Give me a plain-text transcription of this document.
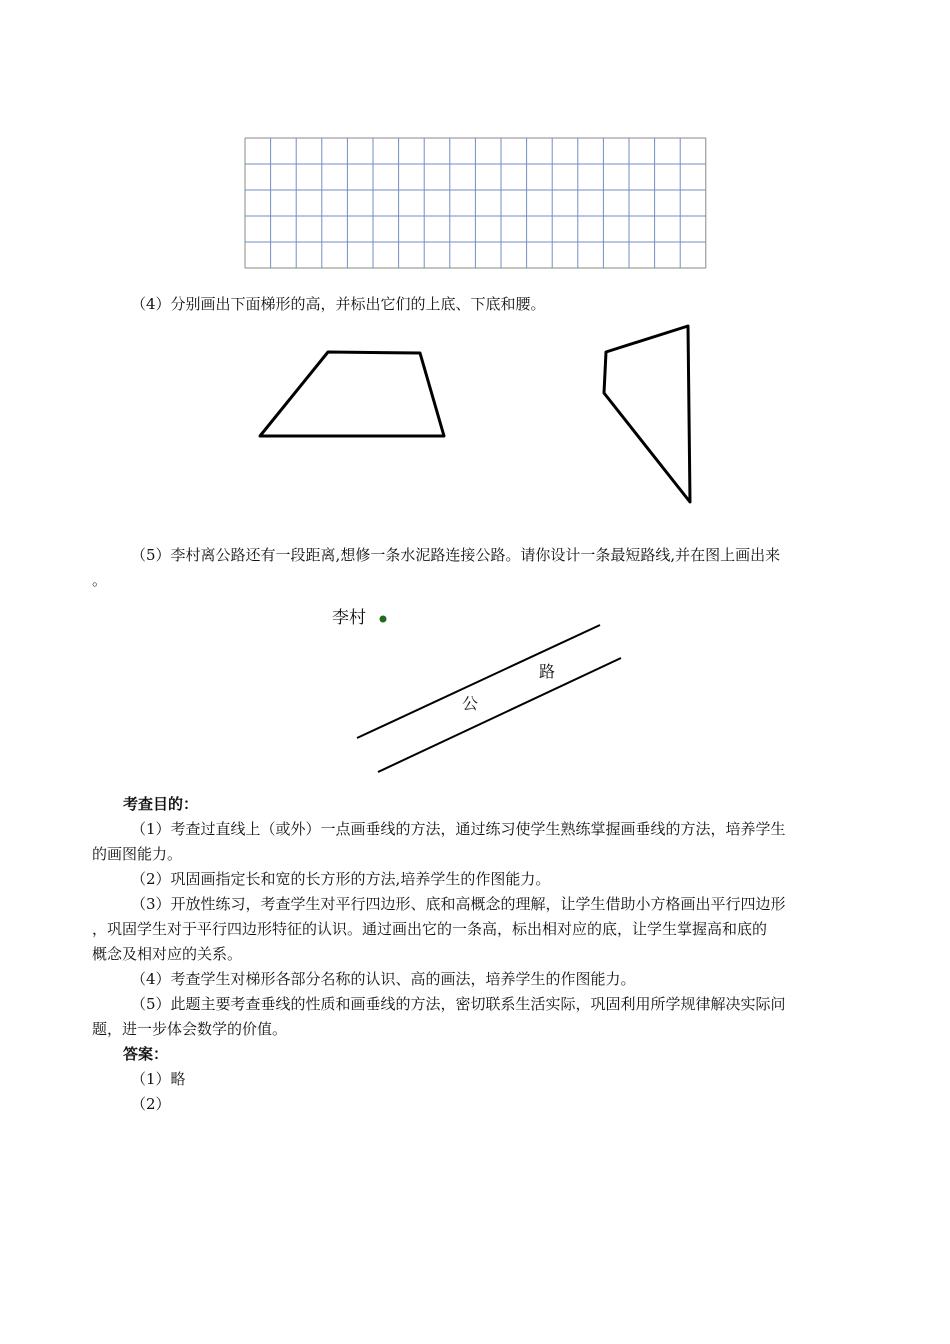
（4）分别画出下面梯形的高，并标出它们的上底、下底和腰。
（5）李村离公路还有一段距离,想修一条水泥路连接公路。请你设计一条最短路线,并在图上画出来
。
李村
公
路
考查目的：
（1）考查过直线上（或外）一点画垂线的方法，通过练习使学生熟练掌握画垂线的方法，培养学生
的画图能力。
（2）巩固画指定长和宽的长方形的方法,培养学生的作图能力。
（3）开放性练习，考查学生对平行四边形、底和高概念的理解，让学生借助小方格画出平行四边形
，巩固学生对于平行四边形特征的认识。通过画出它的一条高，标出相对应的底，让学生掌握高和底的
概念及相对应的关系。
（4）考查学生对梯形各部分名称的认识、高的画法，培养学生的作图能力。
（5）此题主要考查垂线的性质和画垂线的方法，密切联系生活实际，巩固利用所学规律解决实际问
题，进一步体会数学的价值。
答案：
（1）略
（2）
